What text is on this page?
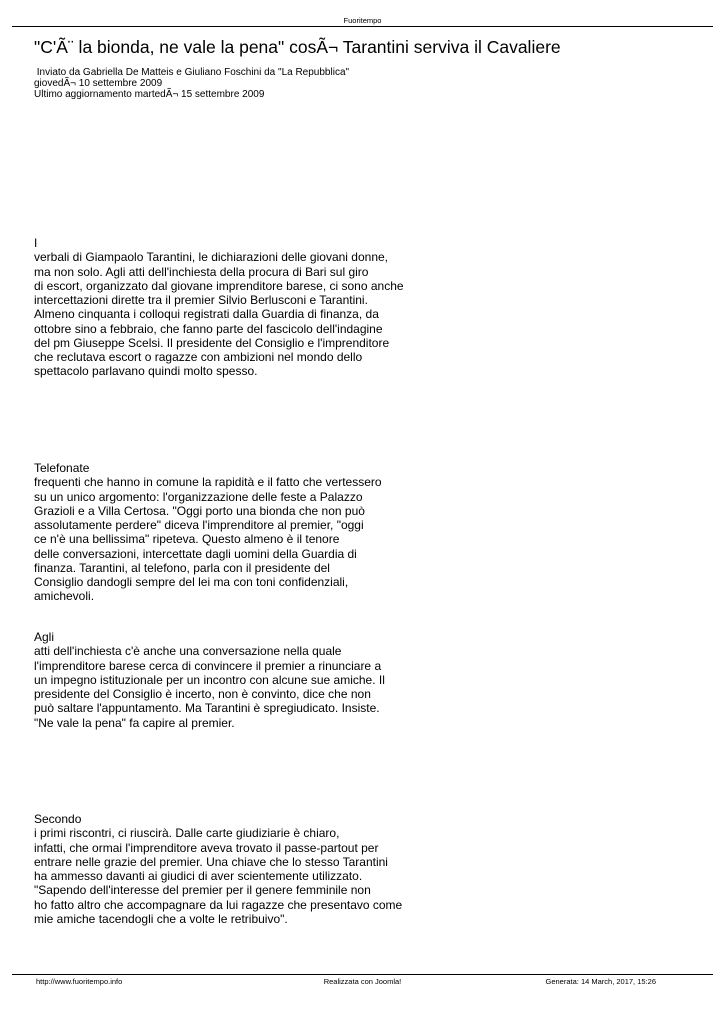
Fuoritempo
"C'Ã¨ la bionda, ne vale la pena" cosÃ¬ Tarantini serviva il Cavaliere
Inviato da Gabriella De Matteis e Giuliano Foschini da "La Repubblica"
giovedÃ¬ 10 settembre 2009
Ultimo aggiornamento martedÃ¬ 15 settembre 2009

I
verbali di Giampaolo Tarantini, le dichiarazioni delle giovani donne,
ma non solo. Agli atti dell'inchiesta della procura di Bari sul giro
di escort, organizzato dal giovane imprenditore barese, ci sono anche
intercettazioni dirette tra il premier Silvio Berlusconi e Tarantini.
Almeno cinquanta i colloqui registrati dalla Guardia di finanza, da
ottobre sino a febbraio, che fanno parte del fascicolo dell'indagine
del pm Giuseppe Scelsi. Il presidente del Consiglio e l'imprenditore
che reclutava escort o ragazze con ambizioni nel mondo dello
spettacolo parlavano quindi molto spesso.

Telefonate
frequenti che hanno in comune la rapidità e il fatto che vertessero
su un unico argomento: l'organizzazione delle feste a Palazzo
Grazioli e a Villa Certosa. "Oggi porto una bionda che non può
assolutamente perdere" diceva l'imprenditore al premier, "oggi
ce n'è una bellissima" ripeteva. Questo almeno è il tenore
delle conversazioni, intercettate dagli uomini della Guardia di
finanza. Tarantini, al telefono, parla con il presidente del
Consiglio dandogli sempre del lei ma con toni confidenziali,
amichevoli.

Agli
atti dell'inchiesta c'è anche una conversazione nella quale
l'imprenditore barese cerca di convincere il premier a rinunciare a
un impegno istituzionale per un incontro con alcune sue amiche. Il
presidente del Consiglio è incerto, non è convinto, dice che non
può saltare l'appuntamento. Ma Tarantini è spregiudicato. Insiste.
"Ne vale la pena" fa capire al premier.

Secondo
i primi riscontri, ci riuscirà. Dalle carte giudiziarie è chiaro,
infatti, che ormai l'imprenditore aveva trovato il passe-partout per
entrare nelle grazie del premier. Una chiave che lo stesso Tarantini
ha ammesso davanti ai giudici di aver scientemente utilizzato.
"Sapendo dell'interesse del premier per il genere femminile non
ho fatto altro che accompagnare da lui ragazze che presentavo come
mie amiche tacendogli che a volte le retribuivo".

http://www.fuoritempo.info	Realizzata con Joomla!	Generata: 14 March, 2017, 15:26
